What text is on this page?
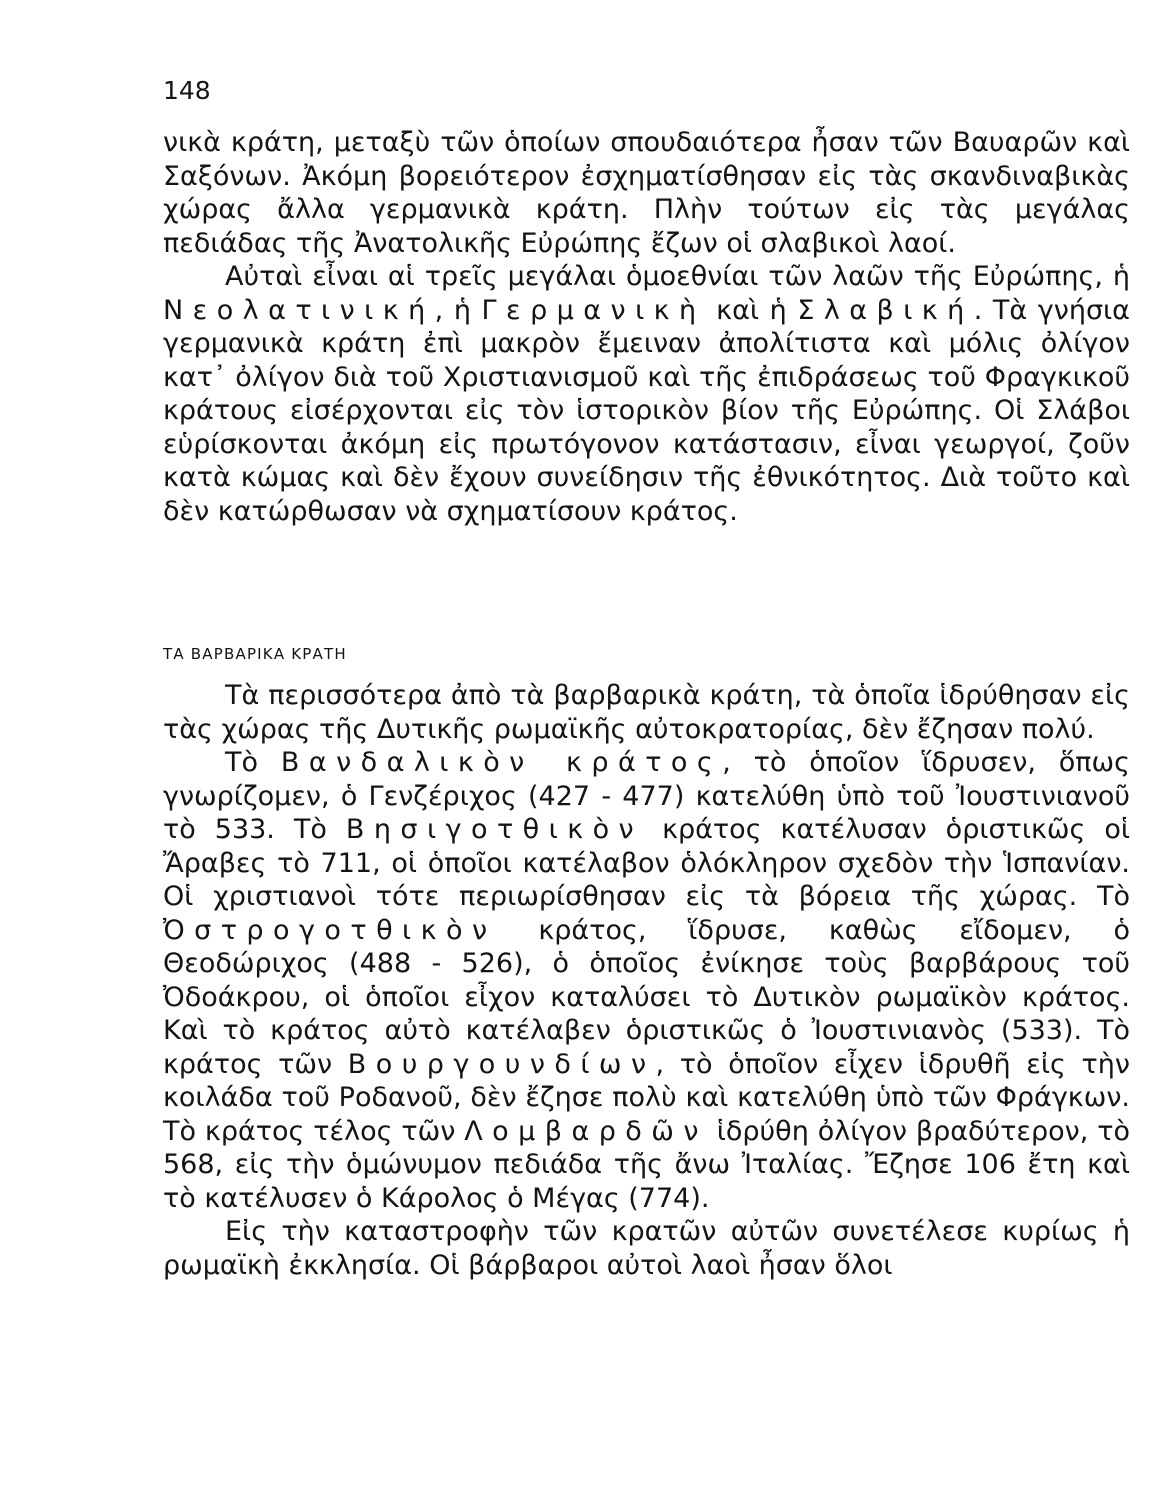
148

νικὰ κράτη, μεταξὺ τῶν ὁποίων σπουδαιότερα ἦσαν τῶν Βαυαρῶν καὶ Σαξόνων. Ἀκόμη βορειότερον ἐσχηματίσθησαν εἰς τὰς σκανδιναβικὰς χώρας ἄλλα γερμανικὰ κράτη. Πλὴν τούτων εἰς τὰς μεγάλας πεδιάδας τῆς Ἀνατολικῆς Εὐρώπης ἔζων οἱ σλαβικοὶ λαοί.

Αὐταὶ εἶναι αἱ τρεῖς μεγάλαι ὁμοεθνίαι τῶν λαῶν τῆς Εὐρώπης, ἡ Νεολατινική, ἡ Γερμανικὴ καὶ ἡ Σλαβική. Τὰ γνήσια γερμανικὰ κράτη ἐπὶ μακρὸν ἔμειναν ἀπολίτιστα καὶ μόλις ὀλίγον κατ᾽ ὀλίγον διὰ τοῦ Χριστιανισμοῦ καὶ τῆς ἐπιδράσεως τοῦ Φραγκικοῦ κράτους εἰσέρχονται εἰς τὸν ἱστορικὸν βίον τῆς Εὐρώπης. Οἱ Σλάβοι εὑρίσκονται ἀκόμη εἰς πρωτόγονον κατάστασιν, εἶναι γεωργοί, ζοῦν κατὰ κώμας καὶ δὲν ἔχουν συνείδησιν τῆς ἐθνικότητος. Διὰ τοῦτο καὶ δὲν κατώρθωσαν νὰ σχηματίσουν κράτος.

ΤΑ ΒΑΡΒΑΡΙΚΑ ΚΡΑΤΗ

Τὰ περισσότερα ἀπὸ τὰ βαρβαρικὰ κράτη, τὰ ὁποῖα ἱδρύθησαν εἰς τὰς χώρας τῆς Δυτικῆς ρωμαϊκῆς αὐτοκρατορίας, δὲν ἔζησαν πολύ.

Τὸ Βανδαλικὸν κράτος, τὸ ὁποῖον ἵδρυσεν, ὅπως γνωρίζομεν, ὁ Γενζέριχος (427 - 477) κατελύθη ὑπὸ τοῦ Ἰουστινιανοῦ τὸ 533. Τὸ Βησιγοτθικὸν κράτος κατέλυσαν ὁριστικῶς οἱ Ἄραβες τὸ 711, οἱ ὁποῖοι κατέλαβον ὁλόκληρον σχεδὸν τὴν Ἱσπανίαν. Οἱ χριστιανοὶ τότε περιωρίσθησαν εἰς τὰ βόρεια τῆς χώρας. Τὸ Ὀστρογοτθικὸν κράτος, ἵδρυσε, καθὼς εἴδομεν, ὁ Θεοδώριχος (488 - 526), ὁ ὁποῖος ἐνίκησε τοὺς βαρβάρους τοῦ Ὀδοάκρου, οἱ ὁποῖοι εἶχον καταλύσει τὸ Δυτικὸν ρωμαϊκὸν κράτος. Καὶ τὸ κράτος αὐτὸ κατέλαβεν ὁριστικῶς ὁ Ἰουστινιανὸς (533). Τὸ κράτος τῶν Βουργουνδίων, τὸ ὁποῖον εἶχεν ἱδρυθῆ εἰς τὴν κοιλάδα τοῦ Ροδανοῦ, δὲν ἔζησε πολὺ καὶ κατελύθη ὑπὸ τῶν Φράγκων. Τὸ κράτος τέλος τῶν Λομβαρδῶν ἱδρύθη ὀλίγον βραδύτερον, τὸ 568, εἰς τὴν ὁμώνυμον πεδιάδα τῆς ἄνω Ἰταλίας. Ἔζησε 106 ἔτη καὶ τὸ κατέλυσεν ὁ Κάρολος ὁ Μέγας (774).

Εἰς τὴν καταστροφὴν τῶν κρατῶν αὐτῶν συνετέλεσε κυρίως ἡ ρωμαϊκὴ ἐκκλησία. Οἱ βάρβαροι αὐτοὶ λαοὶ ἦσαν ὅλοι
